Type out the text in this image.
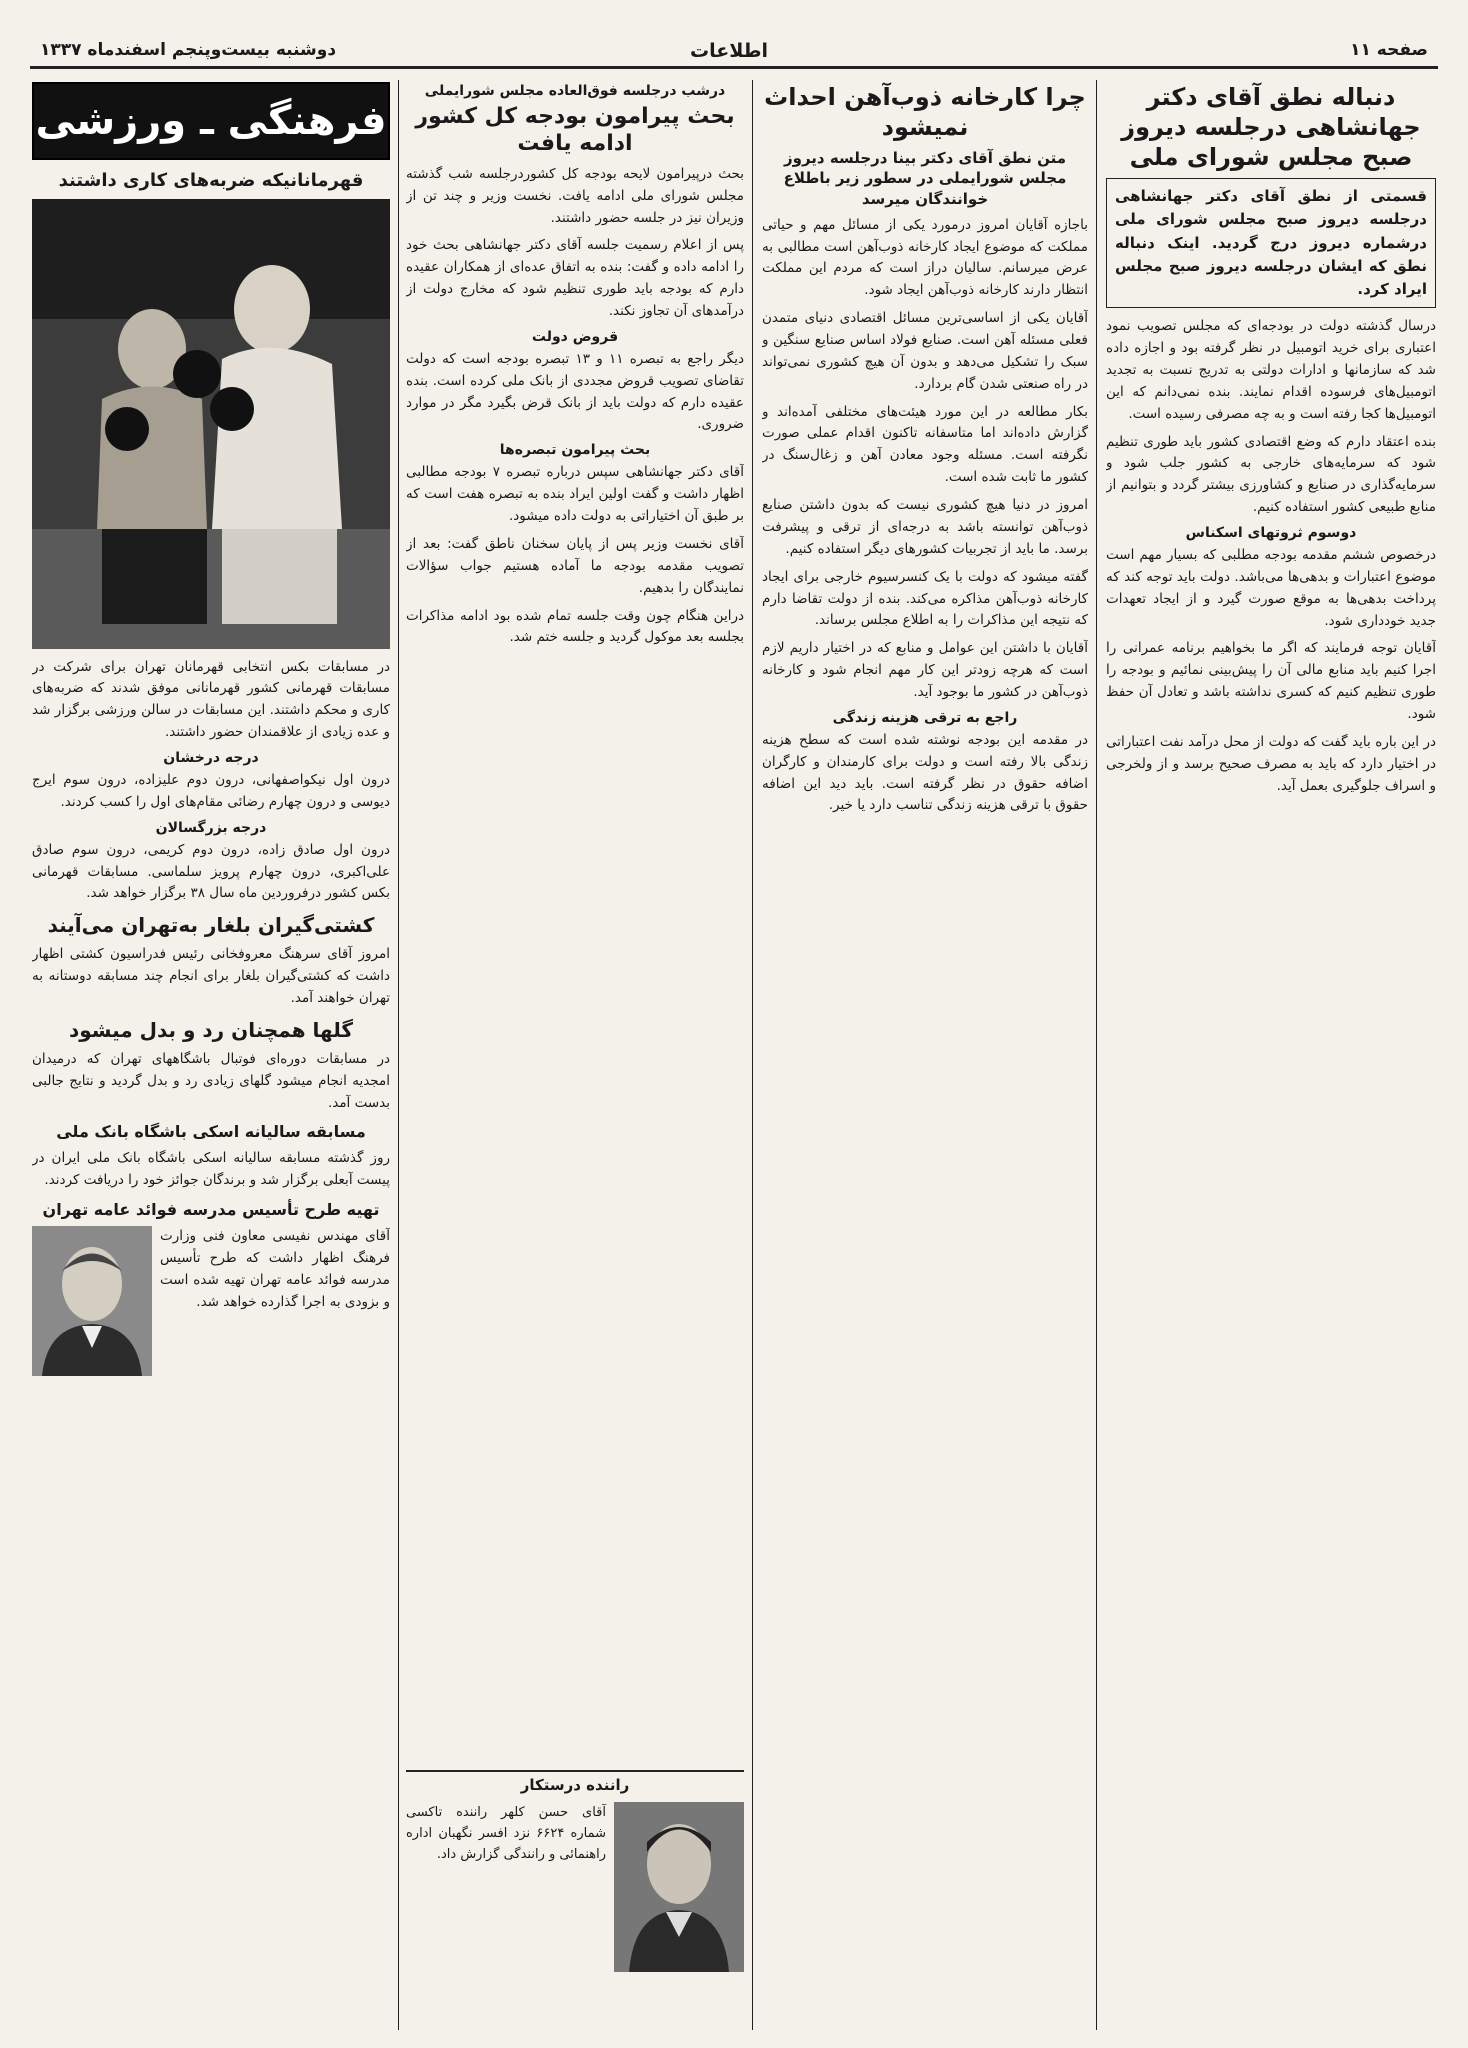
صفحه ۱۱
اطلاعات
دوشنبه بیست‌وپنجم اسفندماه ۱۳۳۷
دنباله نطق آقای دکتر جهانشاهی درجلسه دیروز صبح مجلس شورای ملی
قسمتی از نطق آقای دکتر جهانشاهی درجلسه دیروز صبح مجلس شورای ملی درشماره دیروز درج گردید. اینک دنباله نطق که ایشان درجلسه دیروز صبح مجلس ایراد کرد.
درسال گذشته دولت در بودجه‌ای که مجلس تصویب نمود اعتباری برای خرید اتومبیل در نظر گرفته بود و اجازه داده شد که سازمانها و ادارات دولتی به تدریج نسبت به تجدید اتومبیل‌های فرسوده اقدام نمایند. بنده نمی‌دانم که این اتومبیل‌ها کجا رفته است و به چه مصرفی رسیده است.
بنده اعتقاد دارم که وضع اقتصادی کشور باید طوری تنظیم شود که سرمایه‌های خارجی به کشور جلب شود و سرمایه‌گذاری در صنایع و کشاورزی بیشتر گردد و بتوانیم از منابع طبیعی کشور استفاده کنیم.
دوسوم ثروتهای اسکناس
درخصوص ششم مقدمه بودجه مطلبی که بسیار مهم است موضوع اعتبارات و بدهی‌ها می‌باشد. دولت باید توجه کند که پرداخت بدهی‌ها به موقع صورت گیرد و از ایجاد تعهدات جدید خودداری شود.
آقایان توجه فرمایند که اگر ما بخواهیم برنامه عمرانی را اجرا کنیم باید منابع مالی آن را پیش‌بینی نمائیم و بودجه را طوری تنظیم کنیم که کسری نداشته باشد و تعادل آن حفظ شود.
در این باره باید گفت که دولت از محل درآمد نفت اعتباراتی در اختیار دارد که باید به مصرف صحیح برسد و از ولخرجی و اسراف جلوگیری بعمل آید.
چرا کارخانه ذوب‌آهن احداث نمیشود
متن نطق آقای دکتر بینا درجلسه دیروز مجلس شورایملی در سطور زیر باطلاع خوانندگان میرسد
باجازه آقایان امروز درمورد یکی از مسائل مهم و حیاتی مملکت که موضوع ایجاد کارخانه ذوب‌آهن است مطالبی به عرض میرسانم. سالیان دراز است که مردم این مملکت انتظار دارند کارخانه ذوب‌آهن ایجاد شود.
آقایان یکی از اساسی‌ترین مسائل اقتصادی دنیای متمدن فعلی مسئله آهن است. صنایع فولاد اساس صنایع سنگین و سبک را تشکیل می‌دهد و بدون آن هیچ کشوری نمی‌تواند در راه صنعتی شدن گام بردارد.
بکار مطالعه در این مورد هیئت‌های مختلفی آمده‌اند و گزارش داده‌اند اما متاسفانه تاکنون اقدام عملی صورت نگرفته است. مسئله وجود معادن آهن و زغال‌سنگ در کشور ما ثابت شده است.
امروز در دنیا هیچ کشوری نیست که بدون داشتن صنایع ذوب‌آهن توانسته باشد به درجه‌ای از ترقی و پیشرفت برسد. ما باید از تجربیات کشورهای دیگر استفاده کنیم.
گفته میشود که دولت با یک کنسرسیوم خارجی برای ایجاد کارخانه ذوب‌آهن مذاکره می‌کند. بنده از دولت تقاضا دارم که نتیجه این مذاکرات را به اطلاع مجلس برساند.
آقایان با داشتن این عوامل و منابع که در اختیار داریم لازم است که هرچه زودتر این کار مهم انجام شود و کارخانه ذوب‌آهن در کشور ما بوجود آید.
راجع به ترقی هزینه زندگی
در مقدمه این بودجه نوشته شده است که سطح هزینه زندگی بالا رفته است و دولت برای کارمندان و کارگران اضافه حقوق در نظر گرفته است. باید دید این اضافه حقوق با ترقی هزینه زندگی تناسب دارد یا خیر.
درشب درجلسه فوق‌العاده مجلس شورایملی
بحث پیرامون بودجه کل کشور ادامه یافت
بحث درپیرامون لایحه بودجه کل کشوردرجلسه شب گذشته مجلس شورای ملی ادامه یافت. نخست وزیر و چند تن از وزیران نیز در جلسه حضور داشتند.
پس از اعلام رسمیت جلسه آقای دکتر جهانشاهی بحث خود را ادامه داده و گفت: بنده به اتفاق عده‌ای از همکاران عقیده دارم که بودجه باید طوری تنظیم شود که مخارج دولت از درآمدهای آن تجاوز نکند.
قروض دولت
دیگر راجع به تبصره ۱۱ و ۱۳ تبصره بودجه است که دولت تقاضای تصویب قروض مجددی از بانک ملی کرده است. بنده عقیده دارم که دولت باید از بانک قرض بگیرد مگر در موارد ضروری.
بحث پیرامون تبصره‌ها
آقای دکتر جهانشاهی سپس درباره تبصره ۷ بودجه مطالبی اظهار داشت و گفت اولین ایراد بنده به تبصره هفت است که بر طبق آن اختیاراتی به دولت داده میشود.
آقای نخست وزیر پس از پایان سخنان ناطق گفت: بعد از تصویب مقدمه بودجه ما آماده هستیم جواب سؤالات نمایندگان را بدهیم.
دراین هنگام چون وقت جلسه تمام شده بود ادامه مذاکرات بجلسه بعد موکول گردید و جلسه ختم شد.
راننده درستکار
آقای حسن کلهر راننده تاکسی شماره ۶۶۲۴ نزد افسر نگهبان اداره راهنمائی و رانندگی گزارش داد.
فرهنگی ـ ورزشی
قهرمانانیکه ضربه‌های کاری داشتند
در مسابقات بکس انتخابی قهرمانان تهران برای شرکت در مسابقات قهرمانی کشور قهرمانانی موفق شدند که ضربه‌های کاری و محکم داشتند. این مسابقات در سالن ورزشی برگزار شد و عده زیادی از علاقمندان حضور داشتند.
درجه درخشان
درون اول نیکواصفهانی، درون دوم علیزاده، درون سوم ایرج دیوسی و درون چهارم رضائی مقام‌های اول را کسب کردند.
درجه بزرگسالان
درون اول صادق زاده، درون دوم کریمی، درون سوم صادق علی‌اکبری، درون چهارم پرویز سلماسی. مسابقات قهرمانی بکس کشور درفروردین ماه سال ۳۸ برگزار خواهد شد.
کشتی‌گیران بلغار به‌تهران می‌آیند
امروز آقای سرهنگ معروفخانی رئیس فدراسیون کشتی اظهار داشت که کشتی‌گیران بلغار برای انجام چند مسابقه دوستانه به تهران خواهند آمد.
گلها همچنان رد و بدل میشود
در مسابقات دوره‌ای فوتبال باشگاههای تهران که درمیدان امجدیه انجام میشود گلهای زیادی رد و بدل گردید و نتایج جالبی بدست آمد.
مسابقه سالیانه اسکی باشگاه بانک ملی
روز گذشته مسابقه سالیانه اسکی باشگاه بانک ملی ایران در پیست آبعلی برگزار شد و برندگان جوائز خود را دریافت کردند.
تهیه طرح تأسیس مدرسه فوائد عامه تهران
آقای مهندس نفیسی معاون فنی وزارت فرهنگ اظهار داشت که طرح تأسیس مدرسه فوائد عامه تهران تهیه شده است و بزودی به اجرا گذارده خواهد شد.
